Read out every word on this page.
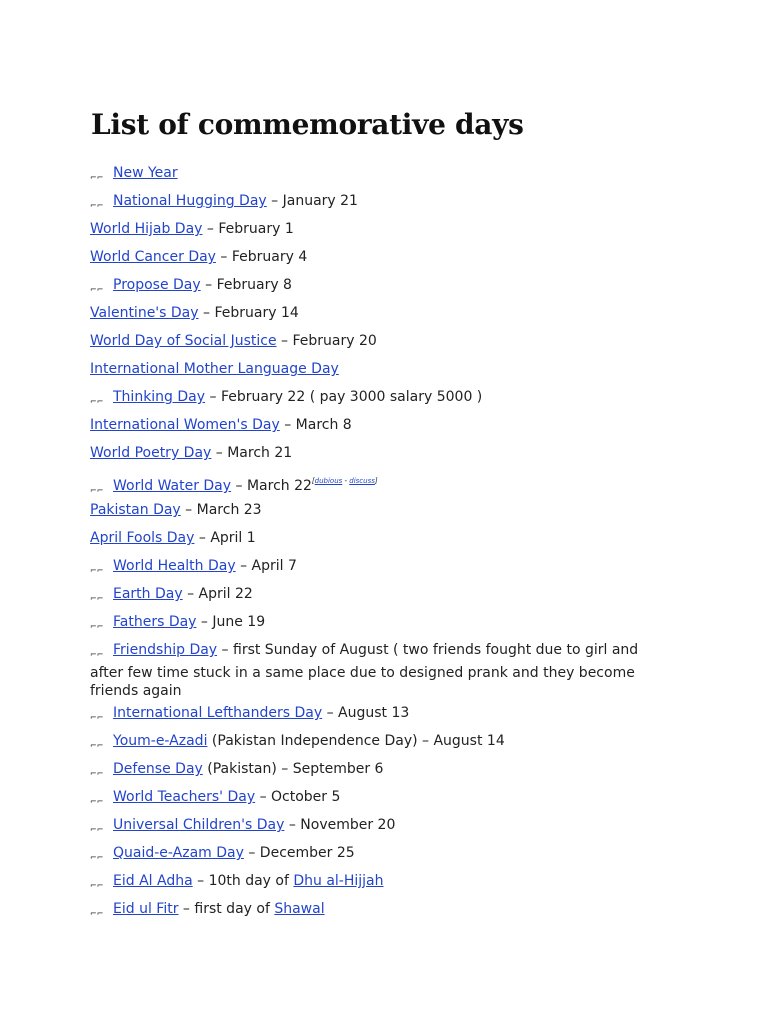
List of commemorative days
⌐⌐ New Year
⌐⌐ National Hugging Day – January 21
World Hijab Day – February 1
World Cancer Day – February 4
⌐⌐ Propose Day – February 8
Valentine's Day – February 14
World Day of Social Justice – February 20
International Mother Language Day
⌐⌐ Thinking Day – February 22 ( pay 3000 salary 5000 )
International Women's Day – March 8
World Poetry Day – March 21
⌐⌐ World Water Day – March 22[dubious - discuss]
Pakistan Day – March 23
April Fools Day – April 1
⌐⌐ World Health Day – April 7
⌐⌐ Earth Day – April 22
⌐⌐ Fathers Day – June 19
⌐⌐ Friendship Day – first Sunday of August ( two friends fought due to girl and after few time stuck in a same place due to designed prank and they become friends again
⌐⌐ International Lefthanders Day – August 13
⌐⌐ Youm-e-Azadi (Pakistan Independence Day) – August 14
⌐⌐ Defense Day (Pakistan) – September 6
⌐⌐ World Teachers' Day – October 5
⌐⌐ Universal Children's Day – November 20
⌐⌐ Quaid-e-Azam Day – December 25
⌐⌐ Eid Al Adha – 10th day of Dhu al-Hijjah
⌐⌐ Eid ul Fitr – first day of Shawal
